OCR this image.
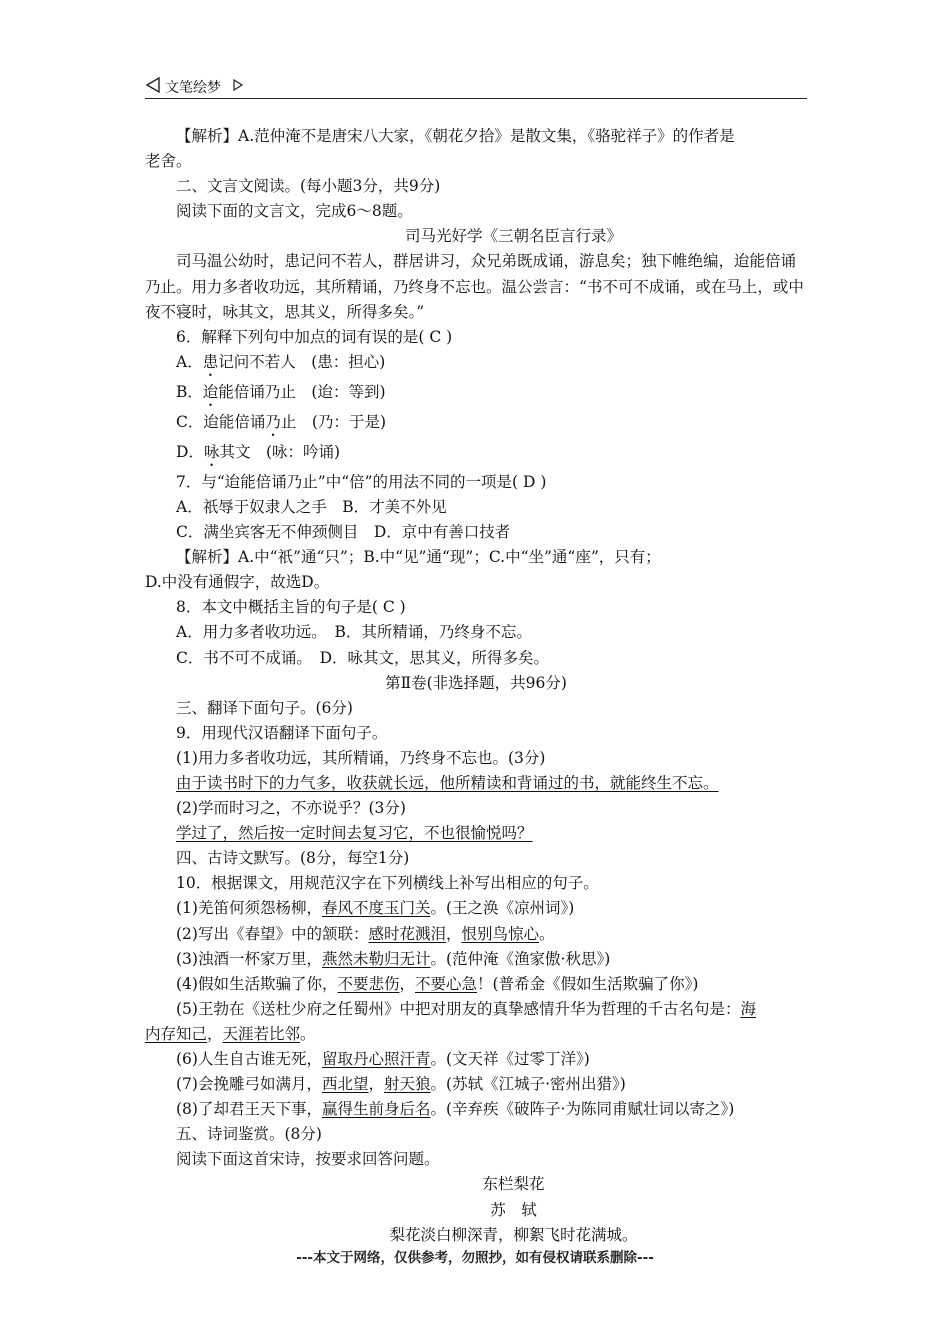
文笔绘梦

【解析】A.范仲淹不是唐宋八大家，《朝花夕拾》是散文集，《骆驼祥子》的作者是

老舍。

二、文言文阅读。(每小题3分，共9分)

阅读下面的文言文，完成6～8题。

司马光好学《三朝名臣言行录》

司马温公幼时，患记问不若人，群居讲习，众兄弟既成诵，游息矣；独下帷绝编，迨能倍诵乃止。用力多者收功远，其所精诵，乃终身不忘也。温公尝言：“书不可不成诵，或在马上，或中夜不寝时，咏其文，思其义，所得多矣。”

6．解释下列句中加点的词有误的是( C )

A．患记问不若人　(患：担心)

B．迨能倍诵乃止　(迨：等到)

C．迨能倍诵乃止　(乃：于是)

D．咏其文　(咏：吟诵)

7．与“迨能倍诵乃止”中“倍”的用法不同的一项是( D )

A．祇辱于奴隶人之手　B．才美不外见

C．满坐宾客无不伸颈侧目　D．京中有善口技者

【解析】A.中“祇”通“只”；B.中“见”通“现”；C.中“坐”通“座”，只有；

D.中没有通假字，故选D。

8．本文中概括主旨的句子是( C )

A．用力多者收功远。　B．其所精诵，乃终身不忘。

C．书不可不成诵。　D．咏其文，思其义，所得多矣。

第Ⅱ卷(非选择题，共96分)

三、翻译下面句子。(6分)

9．用现代汉语翻译下面句子。

(1)用力多者收功远，其所精诵，乃终身不忘也。(3分)

由于读书时下的力气多，收获就长远，他所精读和背诵过的书，就能终生不忘。

(2)学而时习之，不亦说乎？(3分)

学过了，然后按一定时间去复习它，不也很愉悦吗？

四、古诗文默写。(8分，每空1分)

10．根据课文，用规范汉字在下列横线上补写出相应的句子。

(1)羌笛何须怨杨柳，春风不度玉门关。(王之涣《凉州词》)

(2)写出《春望》中的颔联：感时花溅泪，恨别鸟惊心。

(3)浊酒一杯家万里，燕然未勒归无计。(范仲淹《渔家傲·秋思》)

(4)假如生活欺骗了你，不要悲伤，不要心急！(普希金《假如生活欺骗了你》)

(5)王勃在《送杜少府之任蜀州》中把对朋友的真挚感情升华为哲理的千古名句是：海

内存知己，天涯若比邻。

(6)人生自古谁无死，留取丹心照汗青。(文天祥《过零丁洋》)

(7)会挽雕弓如满月，西北望，射天狼。(苏轼《江城子·密州出猎》)

(8)了却君王天下事，赢得生前身后名。(辛弃疾《破阵子·为陈同甫赋壮词以寄之》)

五、诗词鉴赏。(8分)

阅读下面这首宋诗，按要求回答问题。

东栏梨花

苏　轼

梨花淡白柳深青，柳絮飞时花满城。

---本文于网络，仅供参考，勿照抄，如有侵权请联系删除---
